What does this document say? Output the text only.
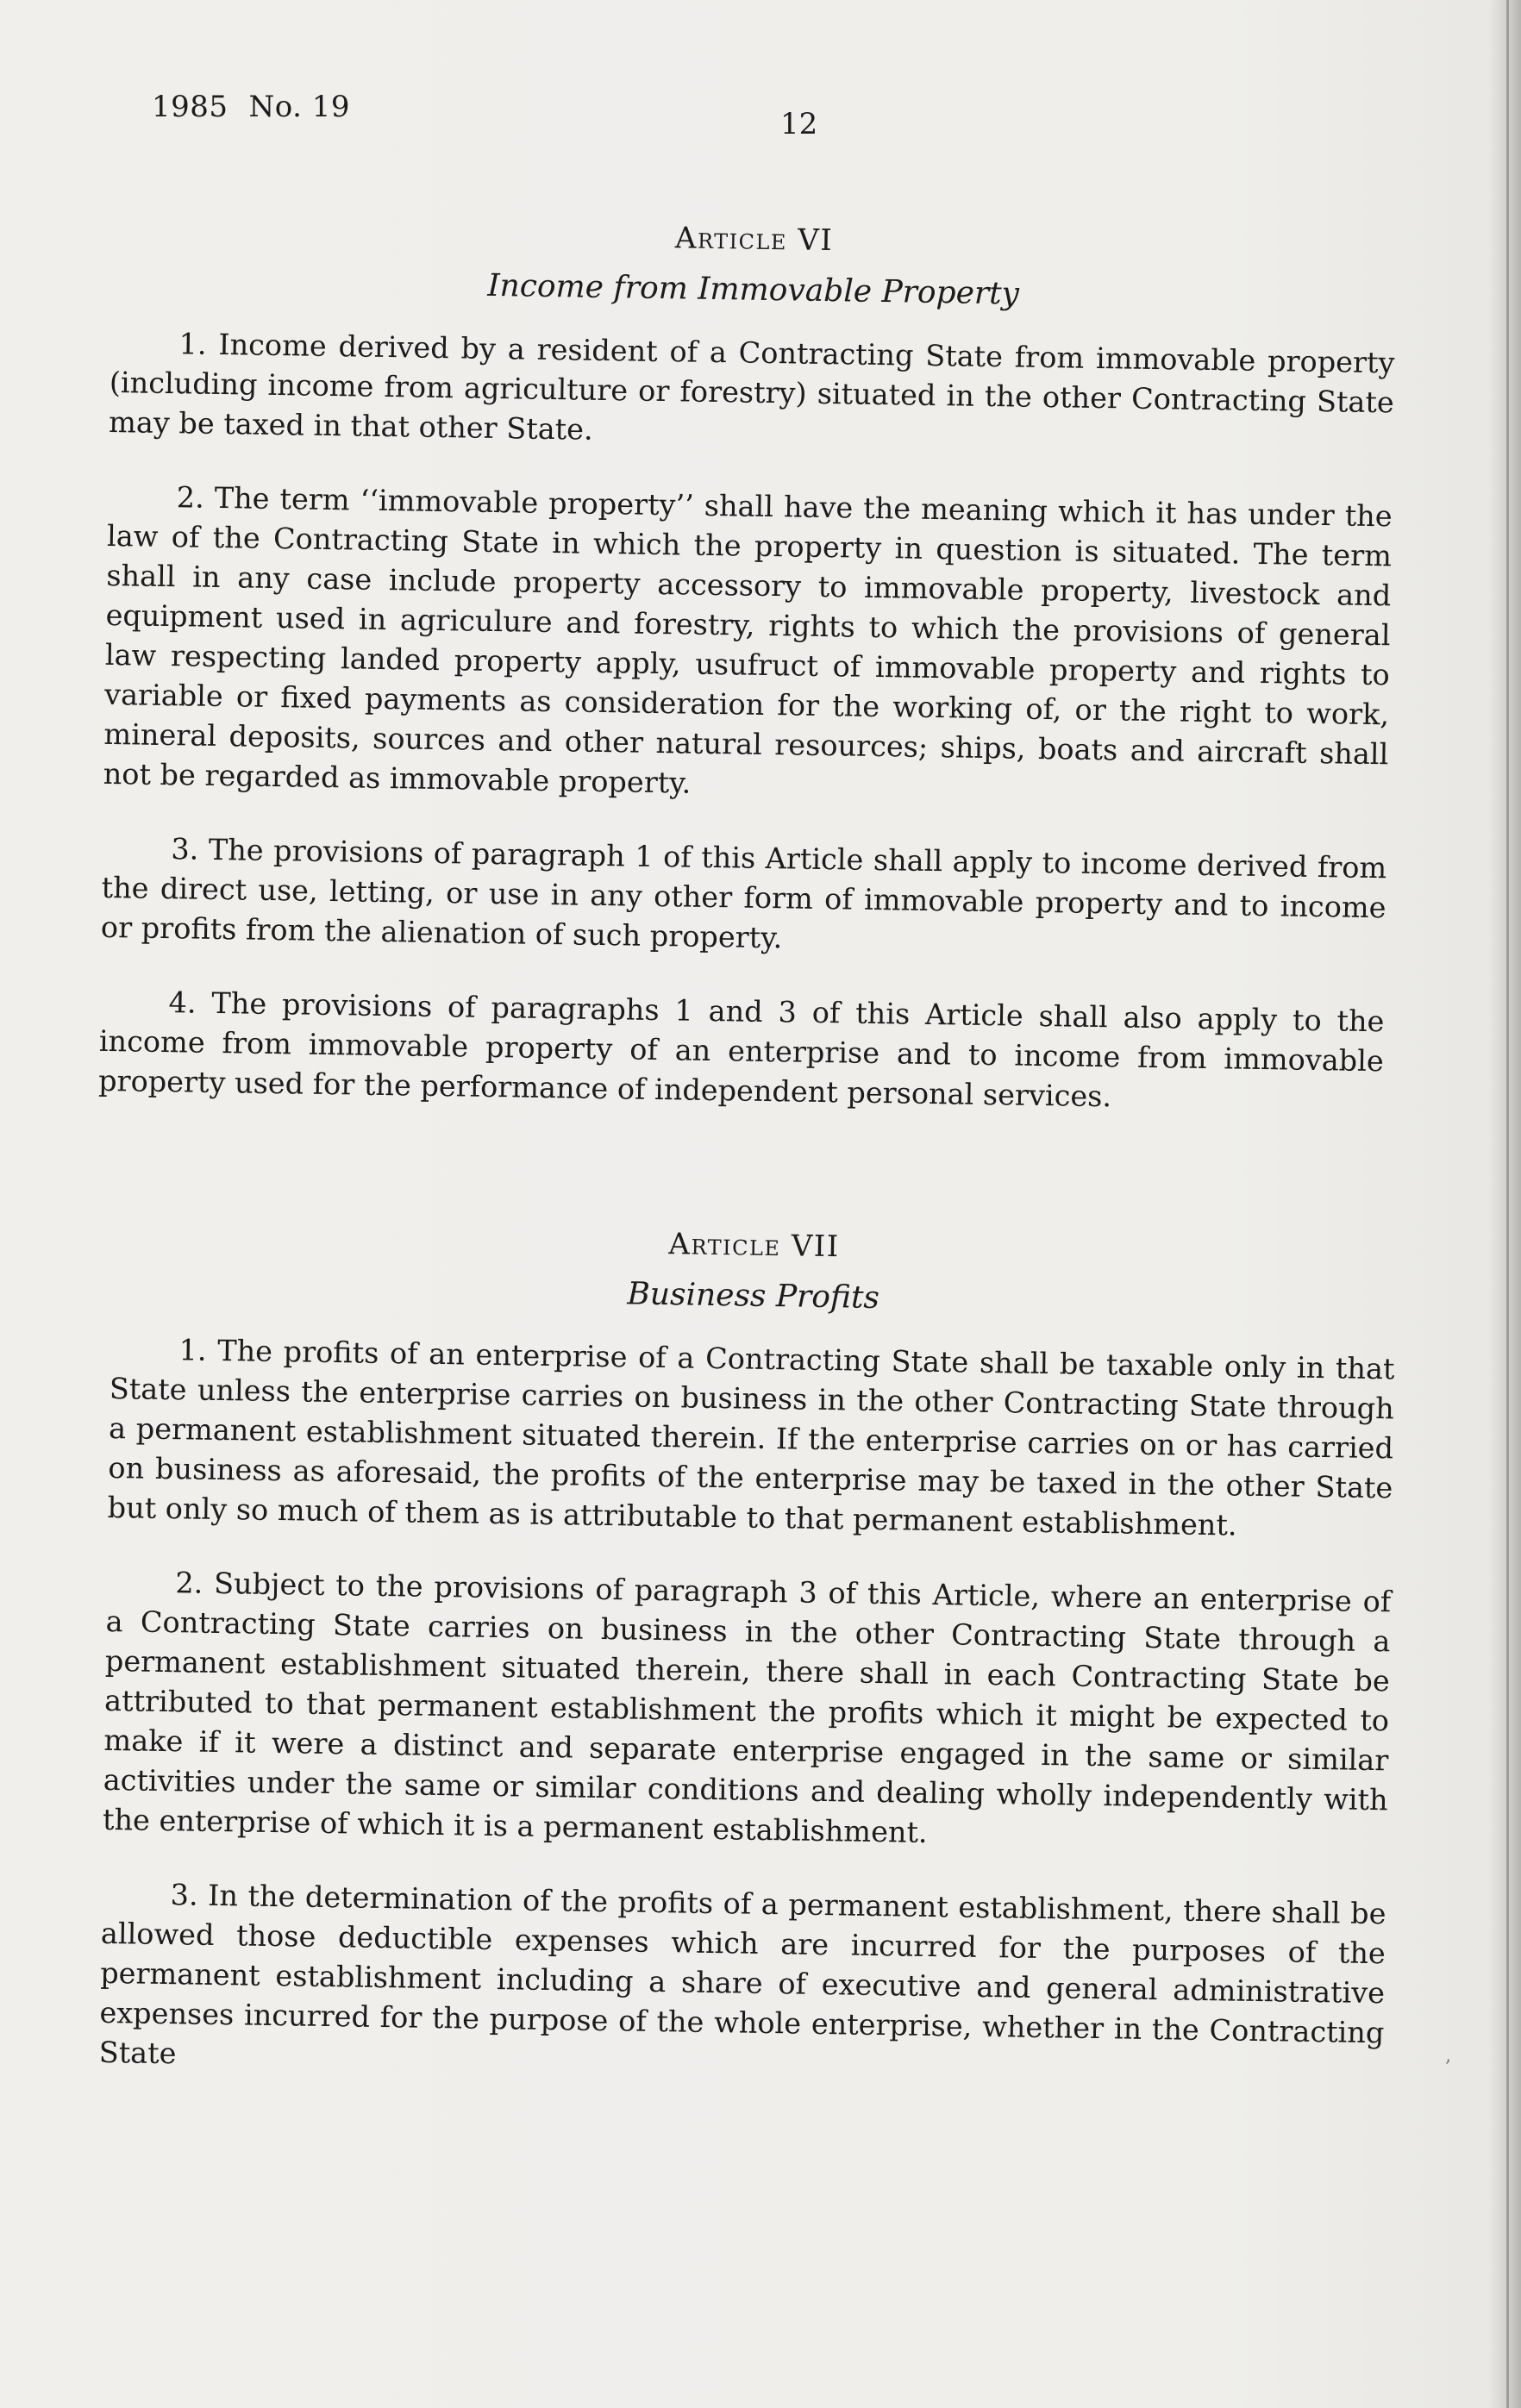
1985 No. 19	12
Article VI
Income from Immovable Property

1. Income derived by a resident of a Contracting State from immovable property (including income from agriculture or forestry) situated in the other Contracting State may be taxed in that other State.

2. The term ‘‘immovable property’’ shall have the meaning which it has under the law of the Contracting State in which the property in question is situated. The term shall in any case include property accessory to immovable property, livestock and equipment used in agriculure and forestry, rights to which the provisions of general law respecting landed property apply, usufruct of immovable property and rights to variable or fixed payments as consideration for the working of, or the right to work, mineral deposits, sources and other natural resources; ships, boats and aircraft shall not be regarded as immovable property.

3. The provisions of paragraph 1 of this Article shall apply to income derived from the direct use, letting, or use in any other form of immovable property and to income or profits from the alienation of such property.

4. The provisions of paragraphs 1 and 3 of this Article shall also apply to the income from immovable property of an enterprise and to income from immovable property used for the performance of independent personal services.

Article VII
Business Profits

1. The profits of an enterprise of a Contracting State shall be taxable only in that State unless the enterprise carries on business in the other Contracting State through a permanent establishment situated therein. If the enterprise carries on or has carried on business as aforesaid, the profits of the enterprise may be taxed in the other State but only so much of them as is attributable to that permanent establishment.

2. Subject to the provisions of paragraph 3 of this Article, where an enterprise of a Contracting State carries on business in the other Contracting State through a permanent establishment situated therein, there shall in each Contracting State be attributed to that permanent establishment the profits which it might be expected to make if it were a distinct and separate enterprise engaged in the same or similar activities under the same or similar conditions and dealing wholly independently with the enterprise of which it is a permanent establishment.

3. In the determination of the profits of a permanent establishment, there shall be allowed those deductible expenses which are incurred for the purposes of the permanent establishment including a share of executive and general administrative expenses incurred for the purpose of the whole enterprise, whether in the Contracting State	‚
